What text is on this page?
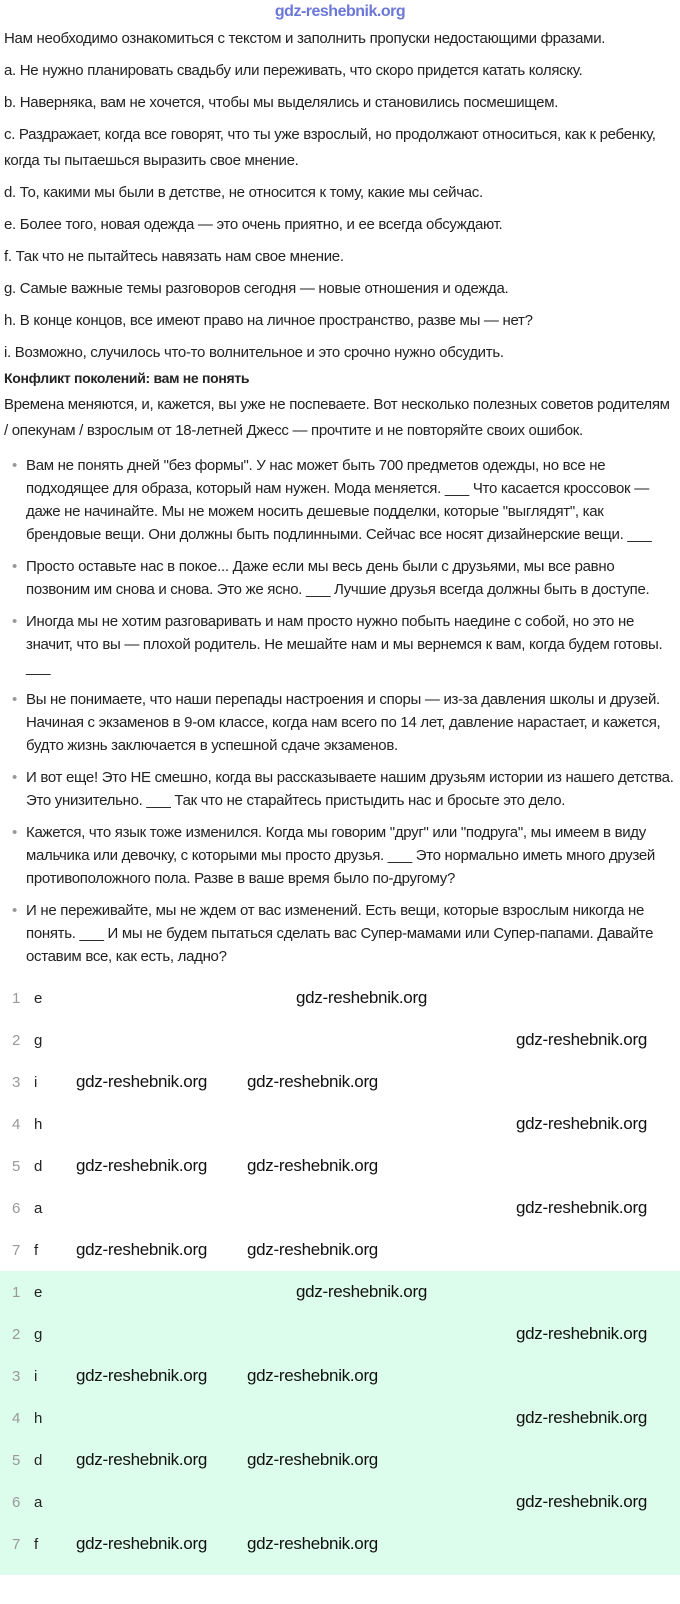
gdz-reshebnik.org

Нам необходимо ознакомиться с текстом и заполнить пропуски недостающими фразами.

a. Не нужно планировать свадьбу или переживать, что скоро придется катать коляску.

b. Наверняка, вам не хочется, чтобы мы выделялись и становились посмешищем.

c. Раздражает, когда все говорят, что ты уже взрослый, но продолжают относиться, как к ребенку, когда ты пытаешься выразить свое мнение.

d. То, какими мы были в детстве, не относится к тому, какие мы сейчас.

e. Более того, новая одежда — это очень приятно, и ее всегда обсуждают.

f. Так что не пытайтесь навязать нам свое мнение.

g. Самые важные темы разговоров сегодня — новые отношения и одежда.

h. В конце концов, все имеют право на личное пространство, разве мы — нет?

i. Возможно, случилось что-то волнительное и это срочно нужно обсудить.

Конфликт поколений: вам не понять

Времена меняются, и, кажется, вы уже не поспеваете. Вот несколько полезных советов родителям / опекунам / взрослым от 18-летней Джесс — прочтите и не повторяйте своих ошибок.

• Вам не понять дней "без формы". У нас может быть 700 предметов одежды, но все не подходящее для образа, который нам нужен. Мода меняется. ___ Что касается кроссовок — даже не начинайте. Мы не можем носить дешевые подделки, которые "выглядят", как брендовые вещи. Они должны быть подлинными. Сейчас все носят дизайнерские вещи. ___
• Просто оставьте нас в покое... Даже если мы весь день были с друзьями, мы все равно позвоним им снова и снова. Это же ясно. ___ Лучшие друзья всегда должны быть в доступе.
• Иногда мы не хотим разговаривать и нам просто нужно побыть наедине с собой, но это не значит, что вы — плохой родитель. Не мешайте нам и мы вернемся к вам, когда будем готовы. ___
• Вы не понимаете, что наши перепады настроения и споры — из-за давления школы и друзей. Начиная с экзаменов в 9-ом классе, когда нам всего по 14 лет, давление нарастает, и кажется, будто жизнь заключается в успешной сдаче экзаменов.
• И вот еще! Это НЕ смешно, когда вы рассказываете нашим друзьям истории из нашего детства. Это унизительно. ___ Так что не старайтесь пристыдить нас и бросьте это дело.
• Кажется, что язык тоже изменился. Когда мы говорим "друг" или "подруга", мы имеем в виду мальчика или девочку, с которыми мы просто друзья. ___ Это нормально иметь много друзей противоположного пола. Разве в ваше время было по-другому?
• И не переживайте, мы не ждем от вас изменений. Есть вещи, которые взрослым никогда не понять. ___ И мы не будем пытаться сделать вас Супер-мамами или Супер-папами. Давайте оставим все, как есть, ладно?
1 e	gdz-reshebnik.org
2 g	gdz-reshebnik.org
3 i	gdz-reshebnik.org gdz-reshebnik.org
4 h	gdz-reshebnik.org
5 d	gdz-reshebnik.org gdz-reshebnik.org
6 a	gdz-reshebnik.org
7 f	gdz-reshebnik.org gdz-reshebnik.org
1 e	gdz-reshebnik.org
2 g	gdz-reshebnik.org
3 i	gdz-reshebnik.org gdz-reshebnik.org
4 h	gdz-reshebnik.org
5 d	gdz-reshebnik.org gdz-reshebnik.org
6 a	gdz-reshebnik.org
7 f	gdz-reshebnik.org gdz-reshebnik.org
